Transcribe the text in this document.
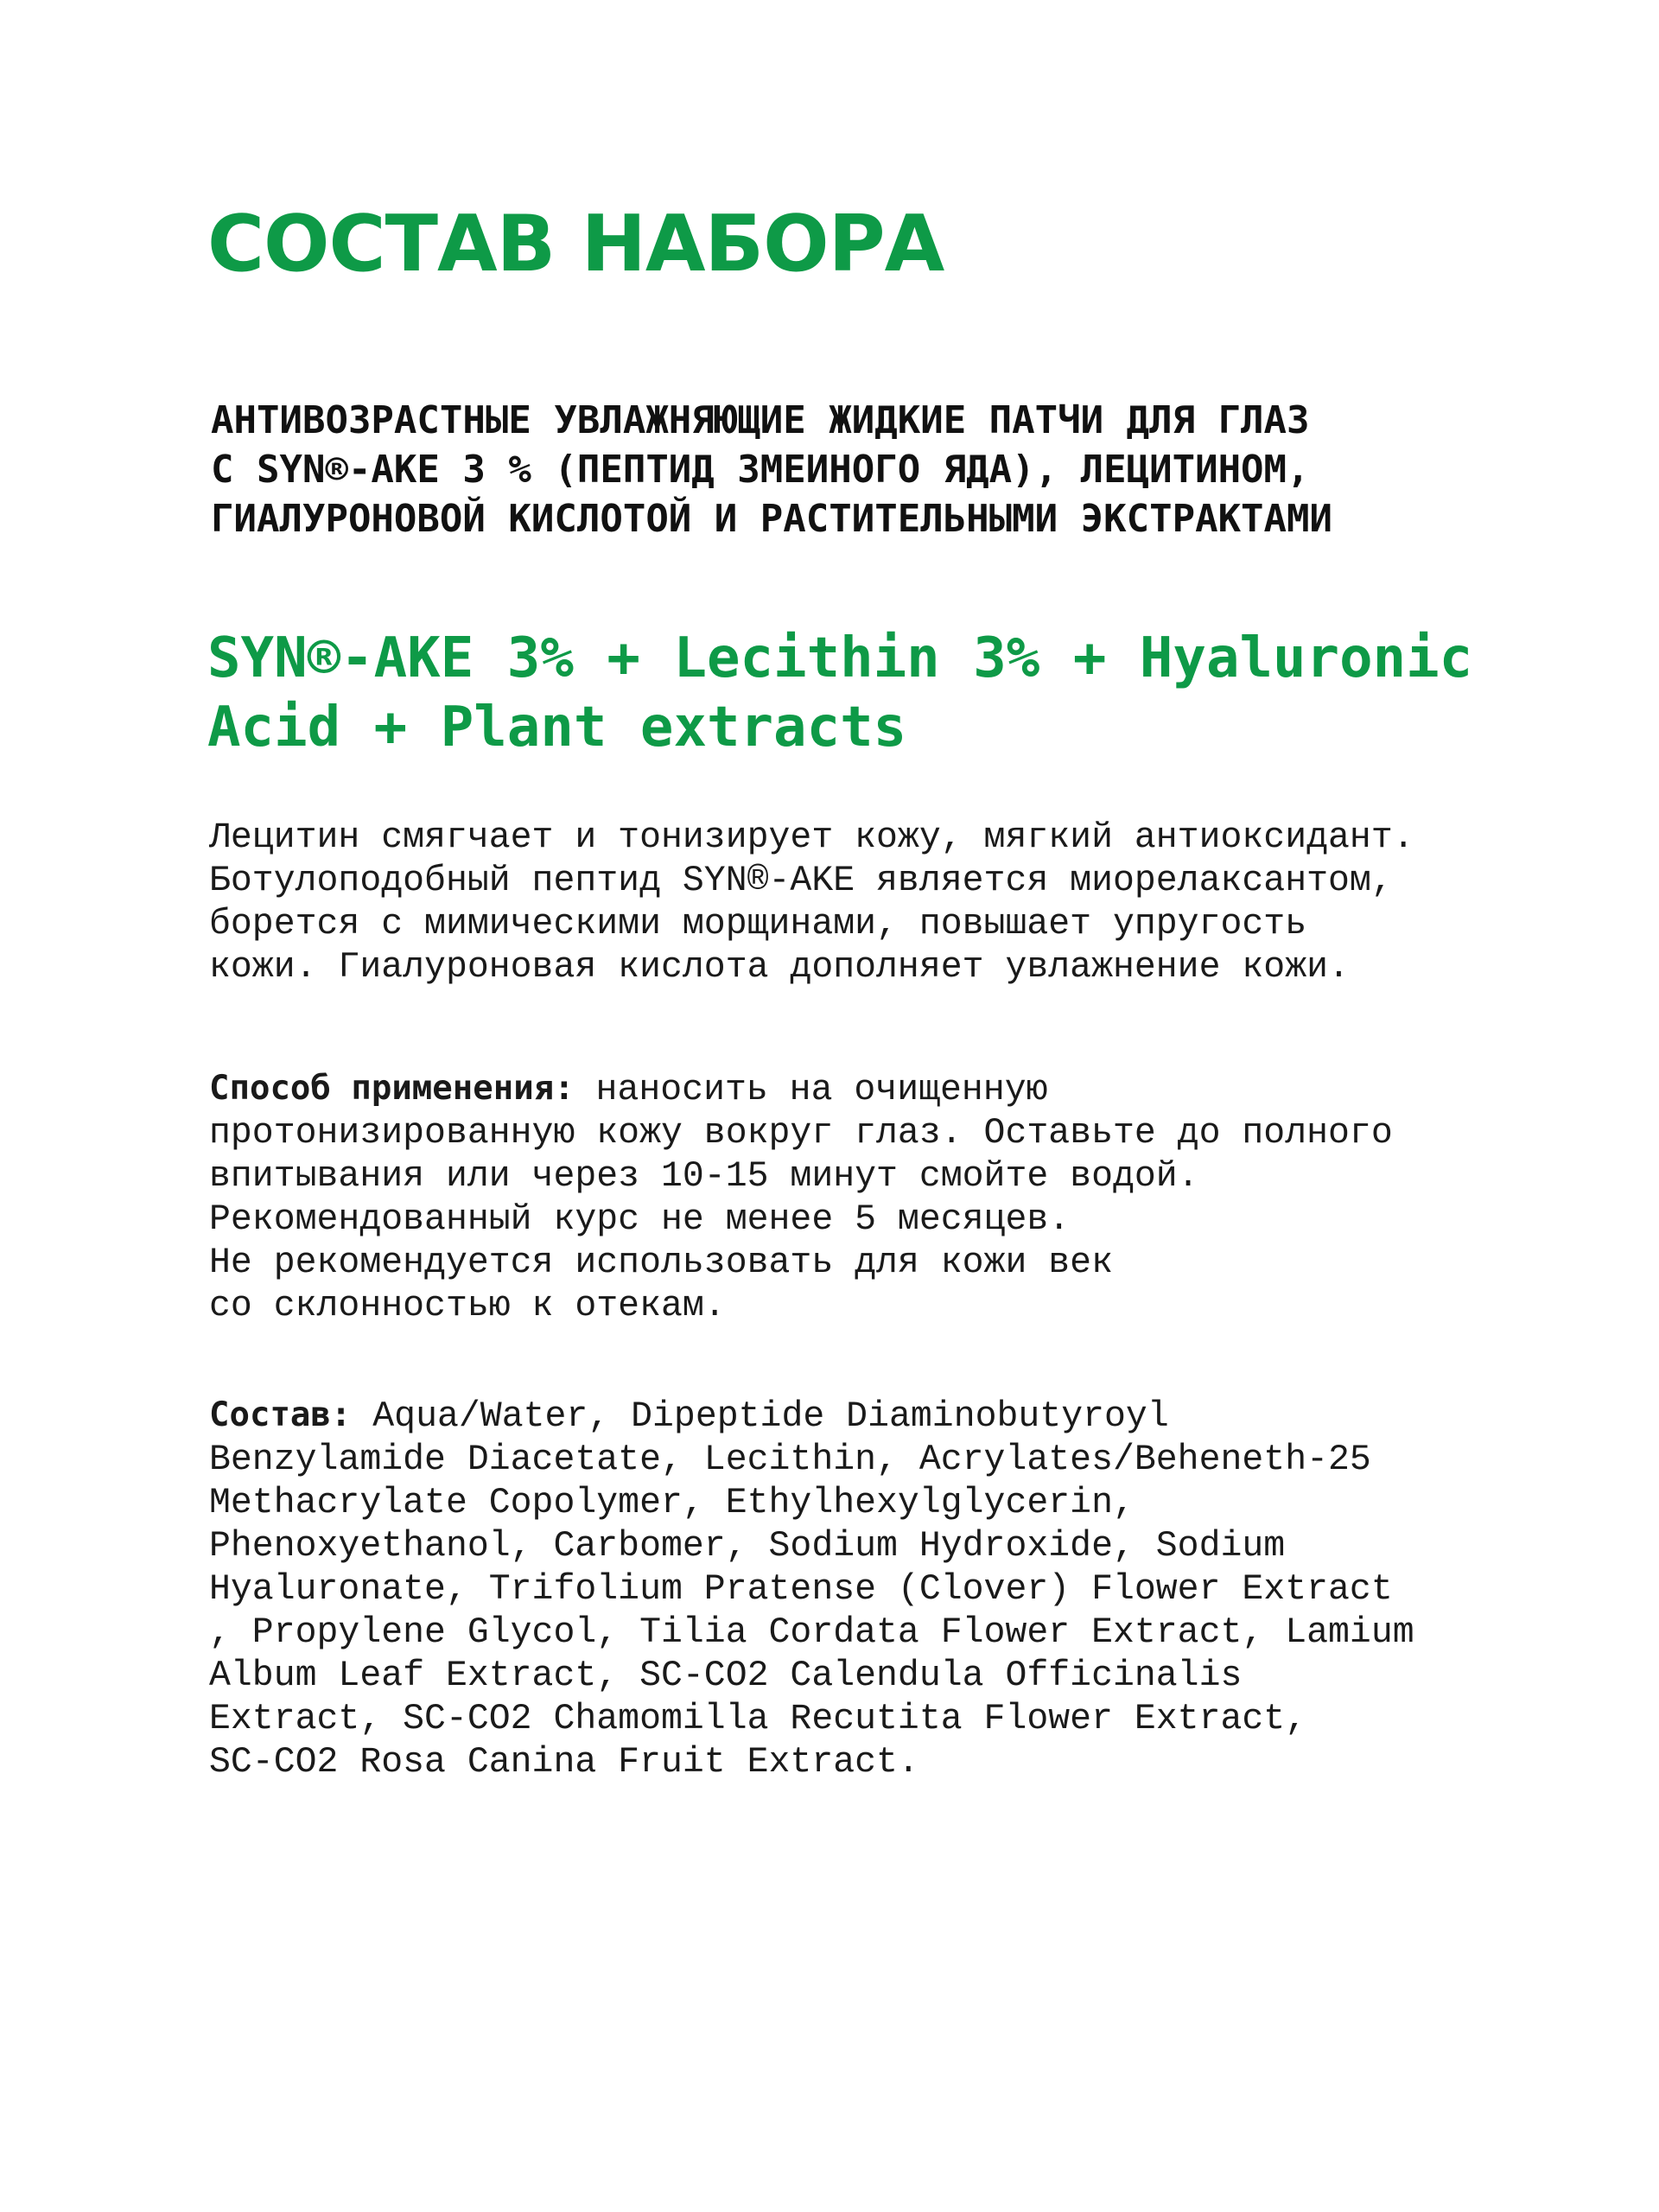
СОСТАВ НАБОРА
АНТИВОЗРАСТНЫЕ УВЛАЖНЯЮЩИЕ ЖИДКИЕ ПАТЧИ ДЛЯ ГЛАЗ
С SYN®-AKE 3 % (ПЕПТИД ЗМЕИНОГО ЯДА), ЛЕЦИТИНОМ,
ГИАЛУРОНОВОЙ КИСЛОТОЙ И РАСТИТЕЛЬНЫМИ ЭКСТРАКТАМИ
SYN®-AKE 3% + Lecithin 3% + Hyaluronic
Acid + Plant extracts
Лецитин смягчает и тонизирует кожу, мягкий антиоксидант.
Ботулоподобный пептид SYN®-AKE является миорелаксантом,
борется с мимическими морщинами, повышает упругость
кожи. Гиалуроновая кислота дополняет увлажнение кожи.
Способ применения: наносить на очищенную
протонизированную кожу вокруг глаз. Оставьте до полного
впитывания или через 10-15 минут смойте водой.
Рекомендованный курс не менее 5 месяцев.
Не рекомендуется использовать для кожи век
со склонностью к отекам.
Состав: Aqua/Water, Dipeptide Diaminobutyroyl
Benzylamide Diacetate, Lecithin, Acrylates/Beheneth-25
Methacrylate Copolymer, Ethylhexylglycerin,
Phenoxyethanol, Carbomer, Sodium Hydroxide, Sodium
Hyaluronate, Trifolium Pratense (Clover) Flower Extract
, Propylene Glycol, Tilia Cordata Flower Extract, Lamium
Album Leaf Extract, SC-CO2 Calendula Officinalis
Extract, SC-CO2 Chamomilla Recutita Flower Extract,
SC-CO2 Rosa Canina Fruit Extract.
